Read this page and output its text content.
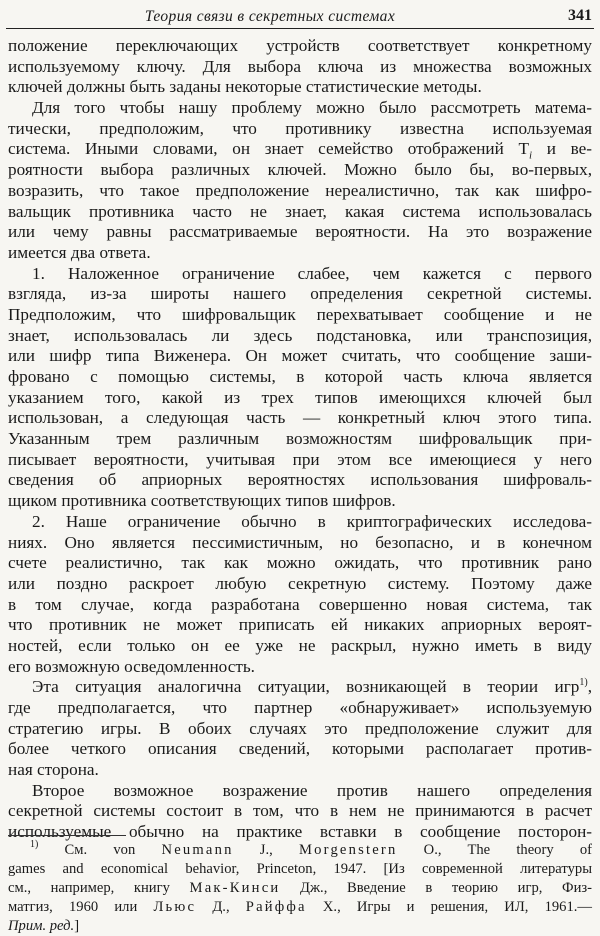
Теория связи в секретных системах	341
положение переключающих устройств соответствует конкретному
используемому ключу. Для выбора ключа из множества возможных
ключей должны быть заданы некоторые статистические методы.
Для того чтобы нашу проблему можно было рассмотреть матема-
тически, предположим, что противнику известна используемая
система. Иными словами, он знает семейство отображений $T_i$ и ве-
роятности выбора различных ключей. Можно было бы, во-первых,
возразить, что такое предположение нереалистично, так как шифро-
вальщик противника часто не знает, какая система использовалась
или чему равны рассматриваемые вероятности. На это возражение
имеется два ответа.
1. Наложенное ограничение слабее, чем кажется с первого
взгляда, из-за широты нашего определения секретной системы.
Предположим, что шифровальщик перехватывает сообщение и не
знает, использовалась ли здесь подстановка, или транспозиция,
или шифр типа Виженера. Он может считать, что сообщение заши-
фровано с помощью системы, в которой часть ключа является
указанием того, какой из трех типов имеющихся ключей был
использован, а следующая часть — конкретный ключ этого типа.
Указанным трем различным возможностям шифровальщик при-
писывает вероятности, учитывая при этом все имеющиеся у него
сведения об априорных вероятностях использования шифроваль-
щиком противника соответствующих типов шифров.
2. Наше ограничение обычно в криптографических исследова-
ниях. Оно является пессимистичным, но безопасно, и в конечном
счете реалистично, так как можно ожидать, что противник рано
или поздно раскроет любую секретную систему. Поэтому даже
в том случае, когда разработана совершенно новая система, так
что противник не может приписать ей никаких априорных вероят-
ностей, если только он ее уже не раскрыл, нужно иметь в виду
его возможную осведомленность.
Эта ситуация аналогична ситуации, возникающей в теории игр$^{1)}$,
где предполагается, что партнер «обнаруживает» используемую
стратегию игры. В обоих случаях это предположение служит для
более четкого описания сведений, которыми располагает против-
ная сторона.
Второе возможное возражение против нашего определения
секретной системы состоит в том, что в нем не принимаются в расчет
используемые обычно на практике вставки в сообщение посторон-
$^{1)}$ См. von Neumann J., Morgenstern O., The theory of
games and economical behavior, Princeton, 1947. [Из современной литературы
см., например, книгу Мак-Кинси Дж., Введение в теорию игр, Физ-
матгиз, 1960 или Льюс Д., Райффа Х., Игры и решения, ИЛ, 1961.—
Прим. ред.]
